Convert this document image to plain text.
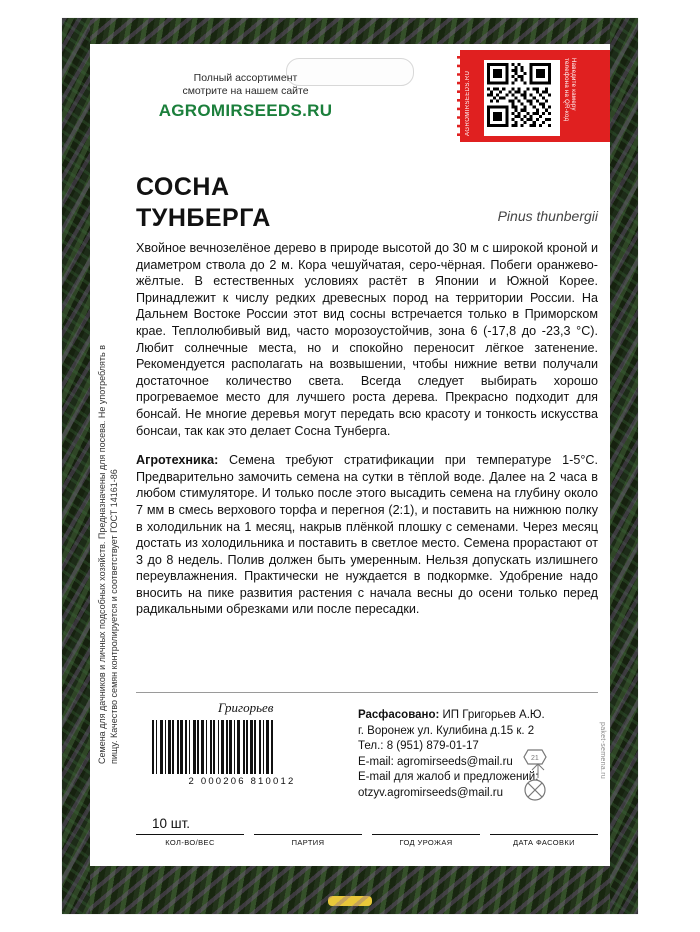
Полный ассортимент
смотрите на нашем сайте
AGROMIRSEEDS.RU	AGROMIRSEEDS.RU	Наведите камеру телефона на QR-код
СОСНА
ТУНБЕРГА	Pinus thunbergii
Семена для дачников и личных подсобных хозяйств. Предназначены для посева. Не употреблять в пищу. Качество семян контролируется и соответствует ГОСТ 14161-86

Хвойное вечнозелёное дерево в природе высотой до 30 м с широкой кроной и диаметром ствола до 2 м. Кора чешуйчатая, серо-чёрная. Побеги оранжево-жёлтые. В естественных условиях растёт в Японии и Южной Корее. Принадлежит к числу редких древесных пород на территории России. На Дальнем Востоке России этот вид сосны встречается только в Приморском крае. Теплолюбивый вид, часто морозоустойчив, зона 6 (-17,8 до -23,3 °С). Любит солнечные места, но и спокойно переносит лёгкое затенение. Рекомендуется располагать на возвышении, чтобы нижние ветви получали достаточное количество света. Всегда следует выбирать хорошо прогреваемое место для лучшего роста дерева. Прекрасно подходит для бонсай. Не многие деревья могут передать всю красоту и тонкость искусства бонсаи, так как это делает Сосна Тунберга.

Агротехника: Семена требуют стратификации при температуре 1-5°С. Предварительно замочить семена на сутки в тёплой воде. Далее на 2 часа в любом стимуляторе. И только после этого высадить семена на глубину около 7 мм в смесь верхового торфа и перегноя (2:1), и поставить на нижнюю полку в холодильник на 1 месяц, накрыв плёнкой плошку с семенами. Через месяц достать из холодильника и поставить в светлое место. Семена прорастают от 3 до 8 недель. Полив должен быть умеренным. Нельзя допускать излишнего переувлажнения. Практически не нуждается в подкормке. Удобрение надо вносить на пике развития растения с начала весны до осени только перед радикальными обрезками или после пересадки.

Григорьев
2 000206 810012
Расфасовано: ИП Григорьев А.Ю.
г. Воронеж ул. Кулибина д.15 к. 2
Тел.: 8 (951) 879-01-17
E-mail: agromirseeds@mail.ru
E-mail для жалоб и предложений:
otzyv.agromirseeds@mail.ru
10 шт.
21	paket-semena.ru
КОЛ-ВО/ВЕС	ПАРТИЯ	ГОД УРОЖАЯ	ДАТА ФАСОВКИ
